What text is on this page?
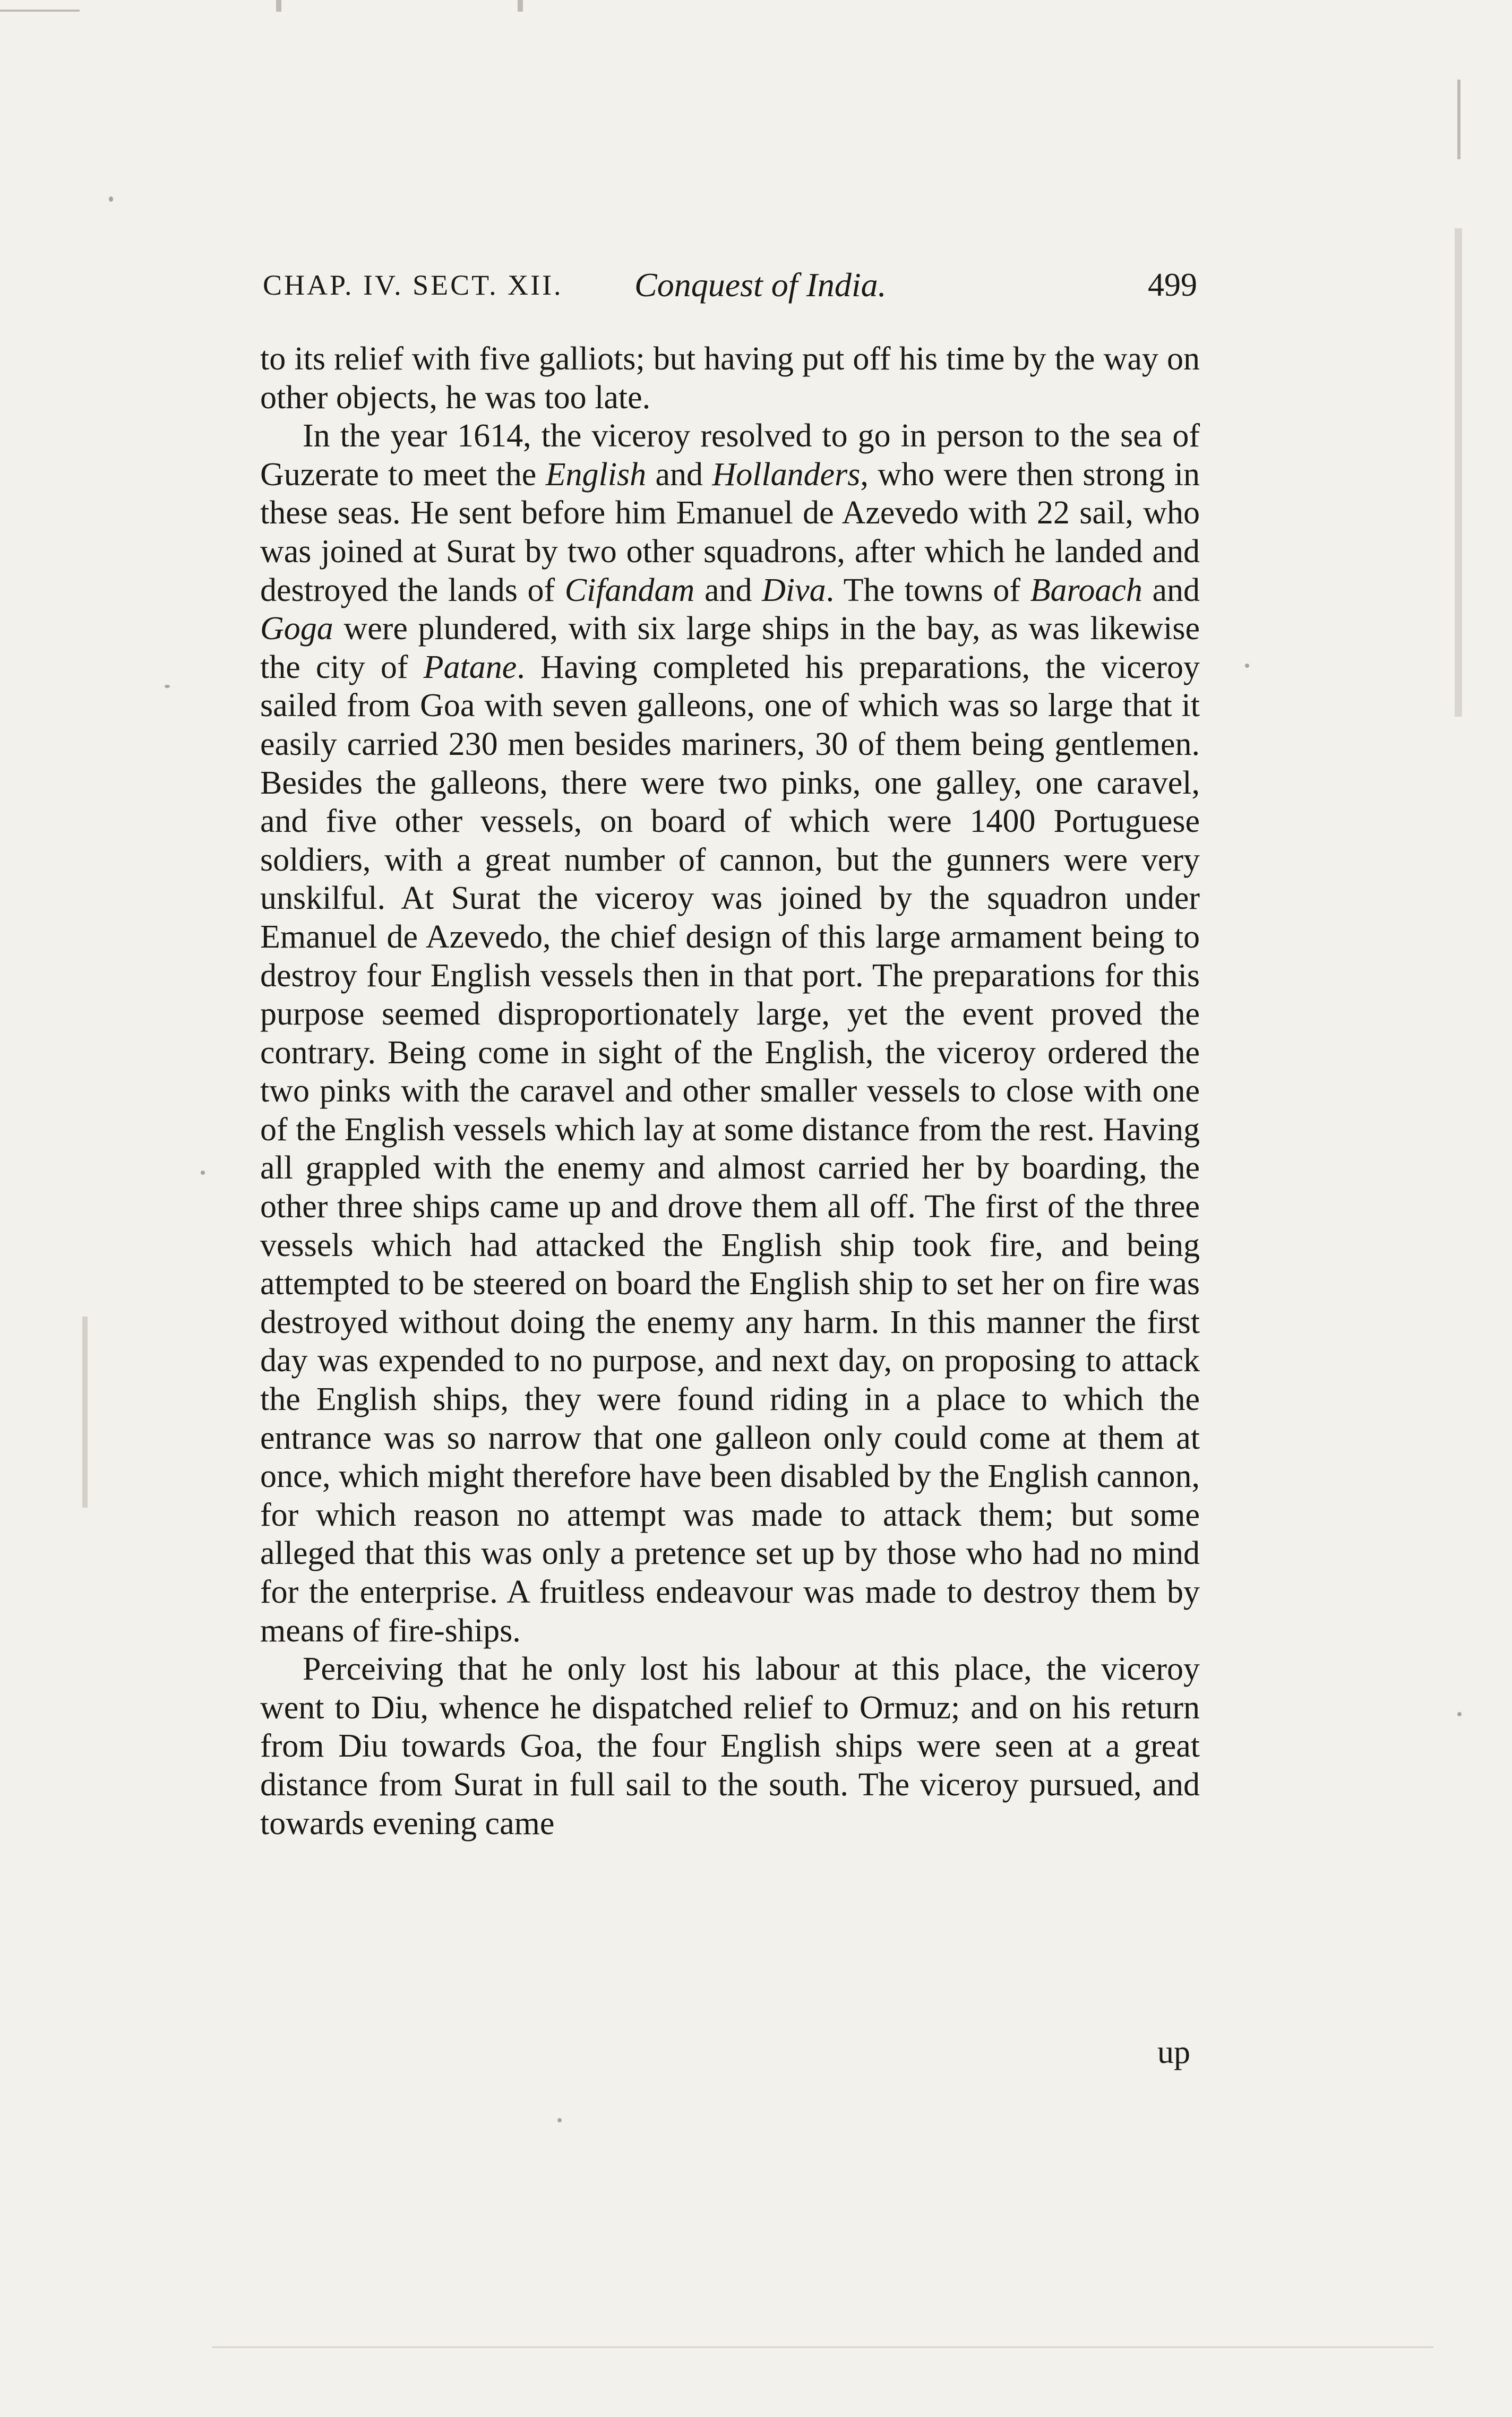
CHAP. IV. SECT. XII. Conquest of India.	499

to its relief with five galliots; but having put off his time by the way on other objects, he was too late.

In the year 1614, the viceroy resolved to go in person to the sea of Guzerate to meet the English and Hollanders, who were then strong in these seas. He sent before him Emanuel de Azevedo with 22 sail, who was joined at Surat by two other squadrons, after which he landed and destroyed the lands of Cifandam and Diva. The towns of Baroach and Goga were plundered, with six large ships in the bay, as was likewise the city of Patane. Having completed his preparations, the viceroy sailed from Goa with seven galleons, one of which was so large that it easily carried 230 men besides mariners, 30 of them being gentlemen. Besides the galleons, there were two pinks, one galley, one caravel, and five other vessels, on board of which were 1400 Portuguese soldiers, with a great number of cannon, but the gunners were very unskilful. At Surat the viceroy was joined by the squadron under Emanuel de Azevedo, the chief design of this large armament being to destroy four English vessels then in that port. The preparations for this purpose seemed disproportionately large, yet the event proved the contrary. Being come in sight of the English, the viceroy ordered the two pinks with the caravel and other smaller vessels to close with one of the English vessels which lay at some distance from the rest. Having all grappled with the enemy and almost carried her by boarding, the other three ships came up and drove them all off. The first of the three vessels which had attacked the English ship took fire, and being attempted to be steered on board the English ship to set her on fire was destroyed without doing the enemy any harm. In this manner the first day was expended to no purpose, and next day, on proposing to attack the English ships, they were found riding in a place to which the entrance was so narrow that one galleon only could come at them at once, which might therefore have been disabled by the English cannon, for which reason no attempt was made to attack them; but some alleged that this was only a pretence set up by those who had no mind for the enterprise. A fruitless endeavour was made to destroy them by means of fire-ships.

Perceiving that he only lost his labour at this place, the viceroy went to Diu, whence he dispatched relief to Ormuz; and on his return from Diu towards Goa, the four English ships were seen at a great distance from Surat in full sail to the south. The viceroy pursued, and towards evening came

up
